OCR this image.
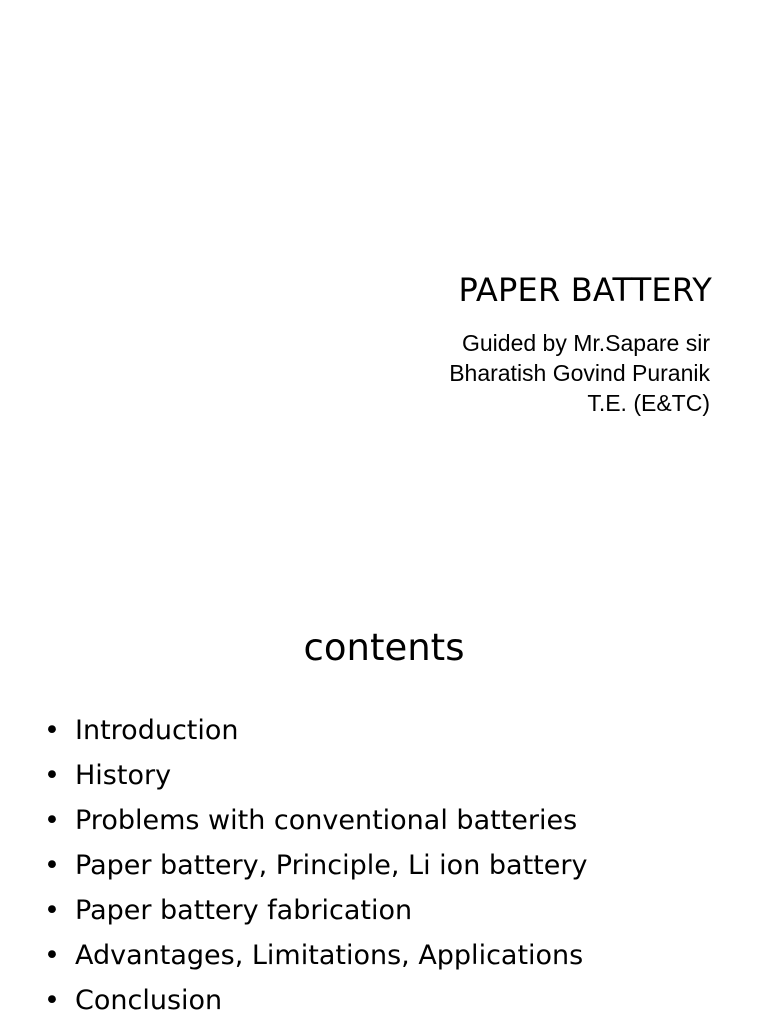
PAPER BATTERY
Guided by Mr.Sapare sir
Bharatish Govind Puranik
T.E. (E&TC)
contents
• Introduction
• History
• Problems with conventional batteries
• Paper battery, Principle, Li ion battery
• Paper battery fabrication
• Advantages, Limitations, Applications
• Conclusion
